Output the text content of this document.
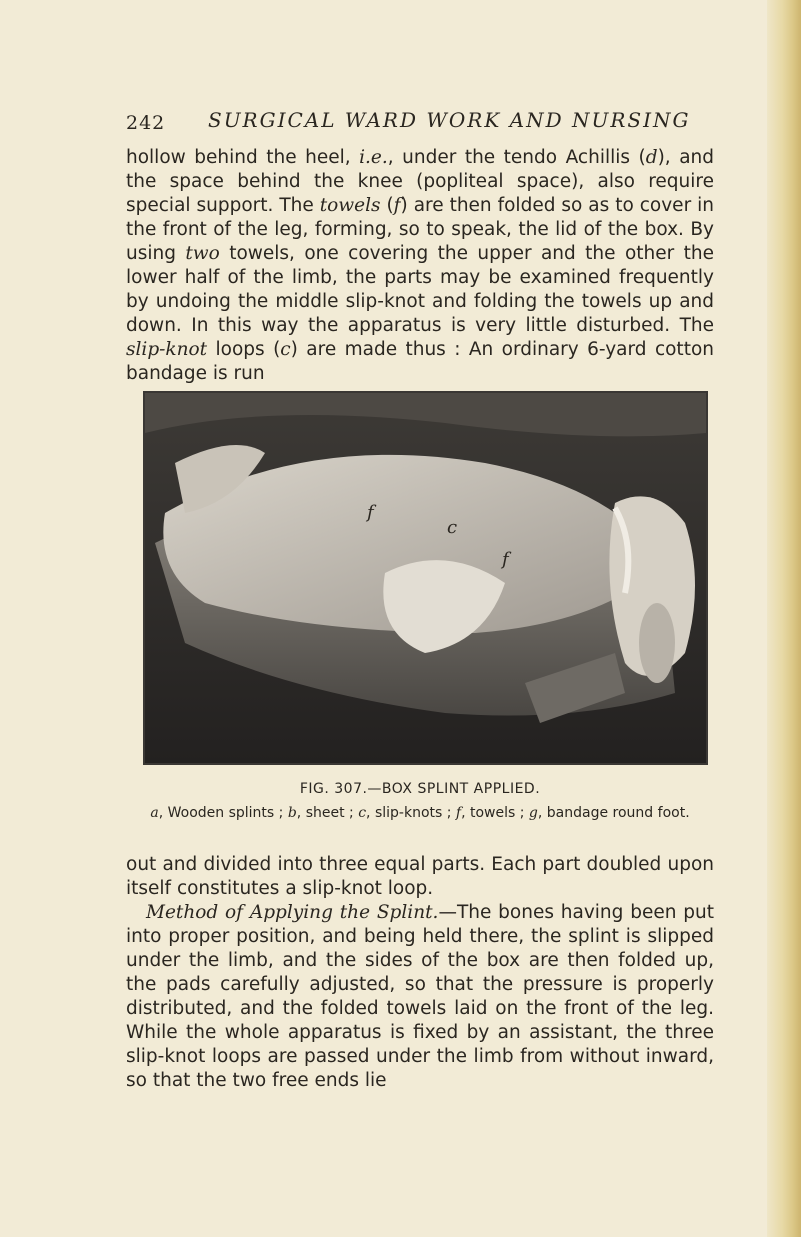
242 SURGICAL WARD WORK AND NURSING

hollow behind the heel, i.e., under the tendo Achillis (d), and the space behind the knee (popliteal space), also require special support. The towels (f) are then folded so as to cover in the front of the leg, forming, so to speak, the lid of the box. By using two towels, one covering the upper and the other the lower half of the limb, the parts may be examined frequently by undoing the middle slip-knot and folding the towels up and down. In this way the apparatus is very little disturbed. The slip-knot loops (c) are made thus : An ordinary 6-yard cotton bandage is run

f
c
f
FIG. 307.—BOX SPLINT APPLIED.
a, Wooden splints ; b, sheet ; c, slip-knots ; f, towels ; g, bandage round foot.

out and divided into three equal parts. Each part doubled upon itself constitutes a slip-knot loop.

Method of Applying the Splint.—The bones having been put into proper position, and being held there, the splint is slipped under the limb, and the sides of the box are then folded up, the pads carefully adjusted, so that the pressure is properly distributed, and the folded towels laid on the front of the leg. While the whole apparatus is fixed by an assistant, the three slip-knot loops are passed under the limb from without inward, so that the two free ends lie
